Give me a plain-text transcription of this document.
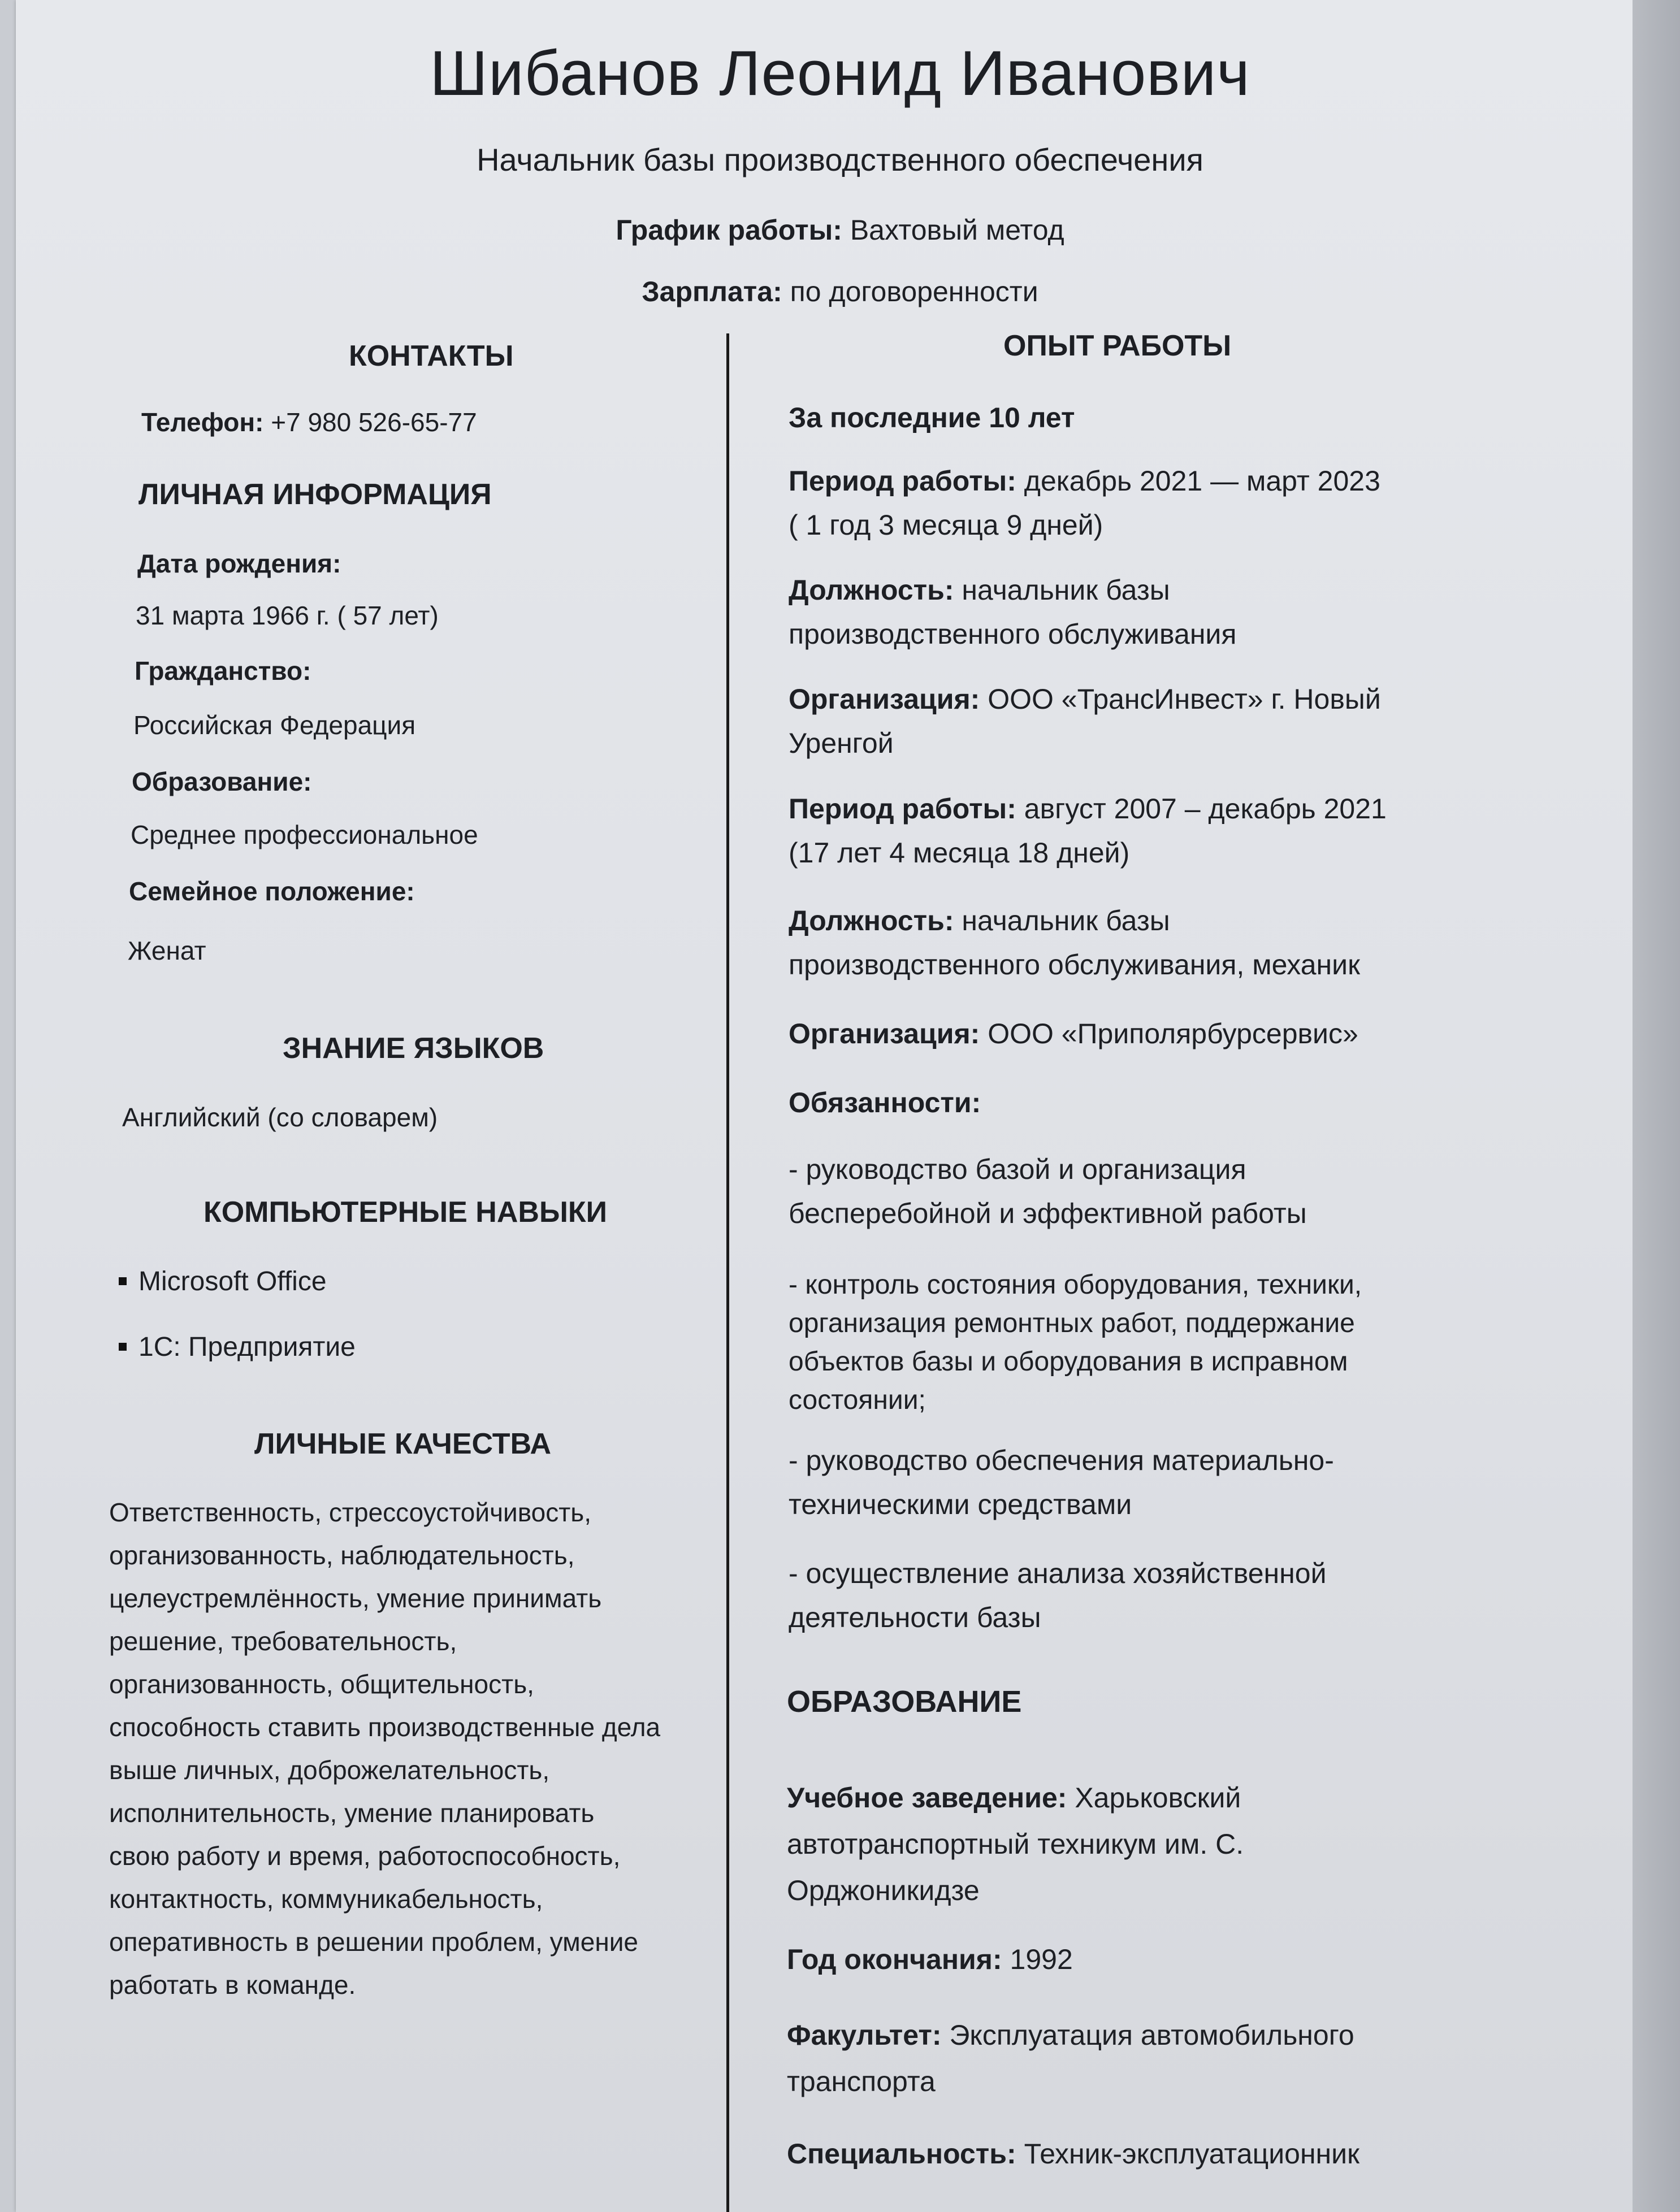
Шибанов Леонид Иванович
Начальник базы производственного обеспечения
График работы: Вахтовый метод
Зарплата: по договоренности
КОНТАКТЫ
Телефон: +7 980 526-65-77
ЛИЧНАЯ ИНФОРМАЦИЯ
Дата рождения:
31 марта 1966 г. ( 57 лет)
Гражданство:
Российская Федерация
Образование:
Среднее профессиональное
Семейное положение:
Женат
ЗНАНИЕ ЯЗЫКОВ
Английский (со словарем)
КОМПЬЮТЕРНЫЕ НАВЫКИ
Microsoft Office
1С: Предприятие
ЛИЧНЫЕ КАЧЕСТВА
Ответственность, стрессоустойчивость,
организованность, наблюдательность,
целеустремлённость, умение принимать
решение, требовательность,
организованность, общительность,
способность ставить производственные дела
выше личных, доброжелательность,
исполнительность, умение планировать
свою работу и время, работоспособность,
контактность, коммуникабельность,
оперативность в решении проблем, умение
работать в команде.
ОПЫТ РАБОТЫ
За последние 10 лет
Период работы: декабрь 2021 — март 2023
( 1 год 3 месяца 9 дней)
Должность: начальник базы
производственного обслуживания
Организация: ООО «ТрансИнвест» г. Новый
Уренгой
Период работы: август 2007 – декабрь 2021
(17 лет 4 месяца 18 дней)
Должность: начальник базы
производственного обслуживания, механик
Организация: ООО «Приполярбурсервис»
Обязанности:
- руководство базой и организация
бесперебойной и эффективной работы
- контроль состояния оборудования, техники,
организация ремонтных работ, поддержание
объектов базы и оборудования в исправном
состоянии;
- руководство обеспечения материально-
техническими средствами
- осуществление анализа хозяйственной
деятельности базы
ОБРАЗОВАНИЕ
Учебное заведение: Харьковский
автотранспортный техникум им. С.
Орджоникидзе
Год окончания: 1992
Факультет: Эксплуатация автомобильного
транспорта
Специальность: Техник-эксплуатационник
